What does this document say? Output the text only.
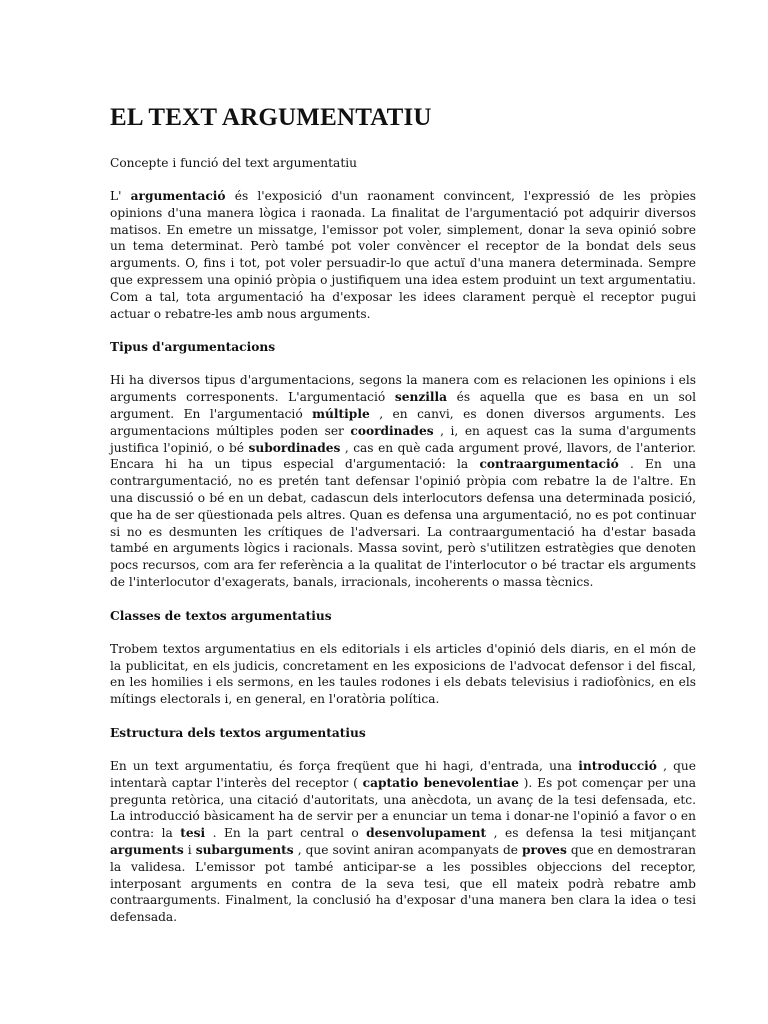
EL TEXT ARGUMENTATIU

Concepte i funció del text argumentatiu

L' argumentació és l'exposició d'un raonament convincent, l'expressió de les pròpies opinions d'una manera lògica i raonada. La finalitat de l'argumentació pot adquirir diversos matisos. En emetre un missatge, l'emissor pot voler, simplement, donar la seva opinió sobre un tema determinat. Però també pot voler convèncer el receptor de la bondat dels seus arguments. O, fins i tot, pot voler persuadir-lo que actuï d'una manera determinada. Sempre que expressem una opinió pròpia o justifiquem una idea estem produint un text argumentatiu. Com a tal, tota argumentació ha d'exposar les idees clarament perquè el receptor pugui actuar o rebatre-les amb nous arguments.

Tipus d'argumentacions

Hi ha diversos tipus d'argumentacions, segons la manera com es relacionen les opinions i els arguments corresponents. L'argumentació senzilla és aquella que es basa en un sol argument. En l'argumentació múltiple , en canvi, es donen diversos arguments. Les argumentacions múltiples poden ser coordinades , i, en aquest cas la suma d'arguments justifica l'opinió, o bé subordinades , cas en què cada argument prové, llavors, de l'anterior. Encara hi ha un tipus especial d'argumentació: la contraargumentació . En una contrargumentació, no es pretén tant defensar l'opinió pròpia com rebatre la de l'altre. En una discussió o bé en un debat, cadascun dels interlocutors defensa una determinada posició, que ha de ser qüestionada pels altres. Quan es defensa una argumentació, no es pot continuar si no es desmunten les crítiques de l'adversari. La contraargumentació ha d'estar basada també en arguments lògics i racionals. Massa sovint, però s'utilitzen estratègies que denoten pocs recursos, com ara fer referència a la qualitat de l'interlocutor o bé tractar els arguments de l'interlocutor d'exagerats, banals, irracionals, incoherents o massa tècnics.

Classes de textos argumentatius

Trobem textos argumentatius en els editorials i els articles d'opinió dels diaris, en el món de la publicitat, en els judicis, concretament en les exposicions de l'advocat defensor i del fiscal, en les homilies i els sermons, en les taules rodones i els debats televisius i radiofònics, en els mítings electorals i, en general, en l'oratòria política.

Estructura dels textos argumentatius

En un text argumentatiu, és força freqüent que hi hagi, d'entrada, una introducció , que intentarà captar l'interès del receptor ( captatio benevolentiae ). Es pot començar per una pregunta retòrica, una citació d'autoritats, una anècdota, un avanç de la tesi defensada, etc. La introducció bàsicament ha de servir per a enunciar un tema i donar-ne l'opinió a favor o en contra: la tesi . En la part central o desenvolupament , es defensa la tesi mitjançant arguments i subarguments , que sovint aniran acompanyats de proves que en demostraran la validesa. L'emissor pot també anticipar-se a les possibles objeccions del receptor, interposant arguments en contra de la seva tesi, que ell mateix podrà rebatre amb contraarguments. Finalment, la conclusió ha d'exposar d'una manera ben clara la idea o tesi defensada.
